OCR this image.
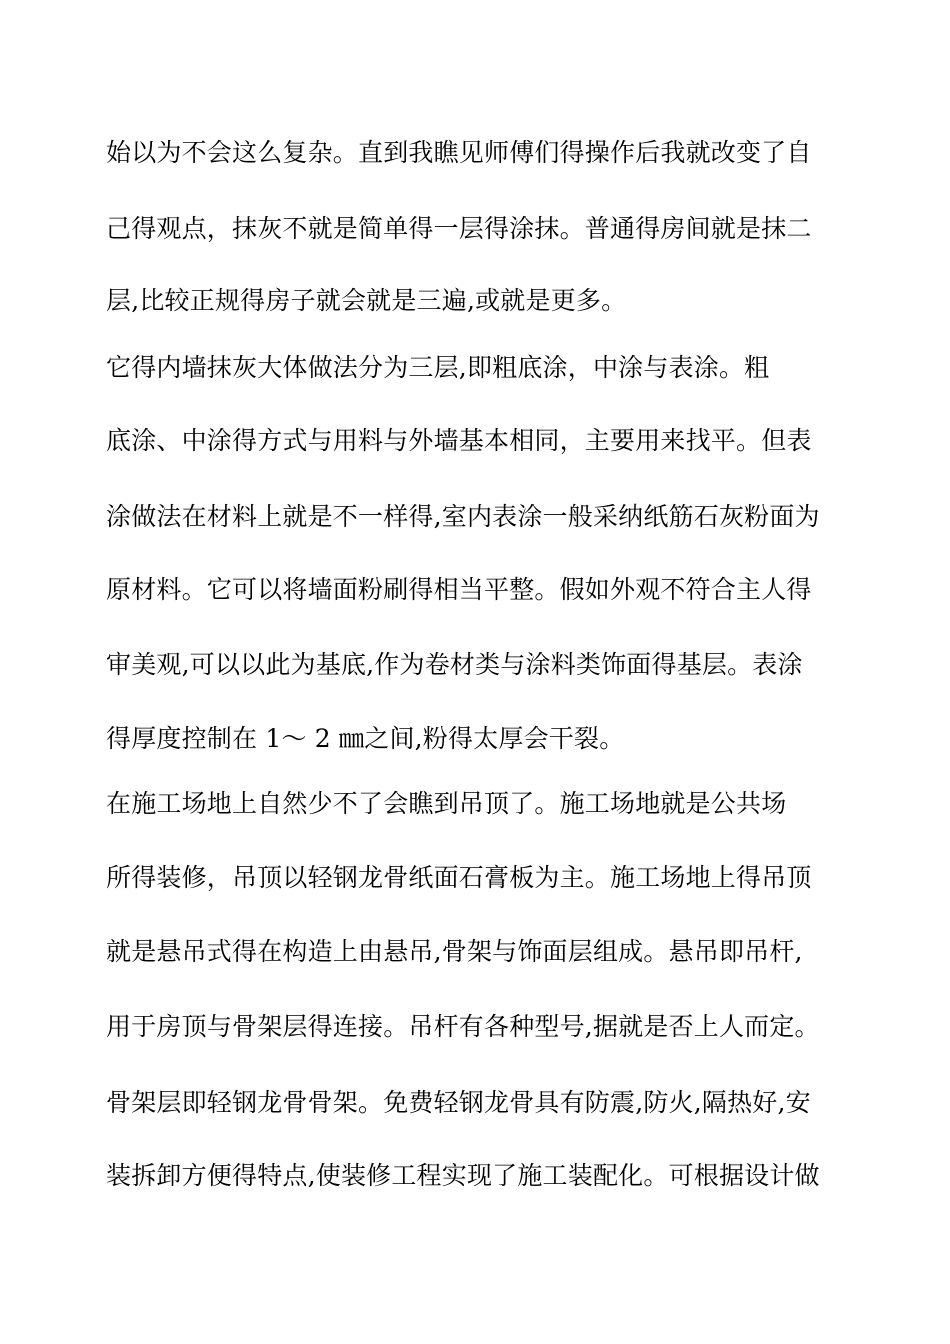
始以为不会这么复杂。直到我瞧见师傅们得操作后我就改变了自
己得观点，抹灰不就是简单得一层得涂抹。普通得房间就是抹二
层,比较正规得房子就会就是三遍,或就是更多。
它得内墙抹灰大体做法分为三层,即粗底涂，中涂与表涂。粗
底涂、中涂得方式与用料与外墙基本相同，主要用来找平。但表
涂做法在材料上就是不一样得,室内表涂一般采纳纸筋石灰粉面为
原材料。它可以将墙面粉刷得相当平整。假如外观不符合主人得
审美观,可以以此为基底,作为卷材类与涂料类饰面得基层。表涂
得厚度控制在 1～ 2 ㎜之间,粉得太厚会干裂。
在施工场地上自然少不了会瞧到吊顶了。施工场地就是公共场
所得装修，吊顶以轻钢龙骨纸面石膏板为主。施工场地上得吊顶
就是悬吊式得在构造上由悬吊,骨架与饰面层组成。悬吊即吊杆,
用于房顶与骨架层得连接。吊杆有各种型号,据就是否上人而定。
骨架层即轻钢龙骨骨架。免费轻钢龙骨具有防震,防火,隔热好,安
装拆卸方便得特点,使装修工程实现了施工装配化。可根据设计做
